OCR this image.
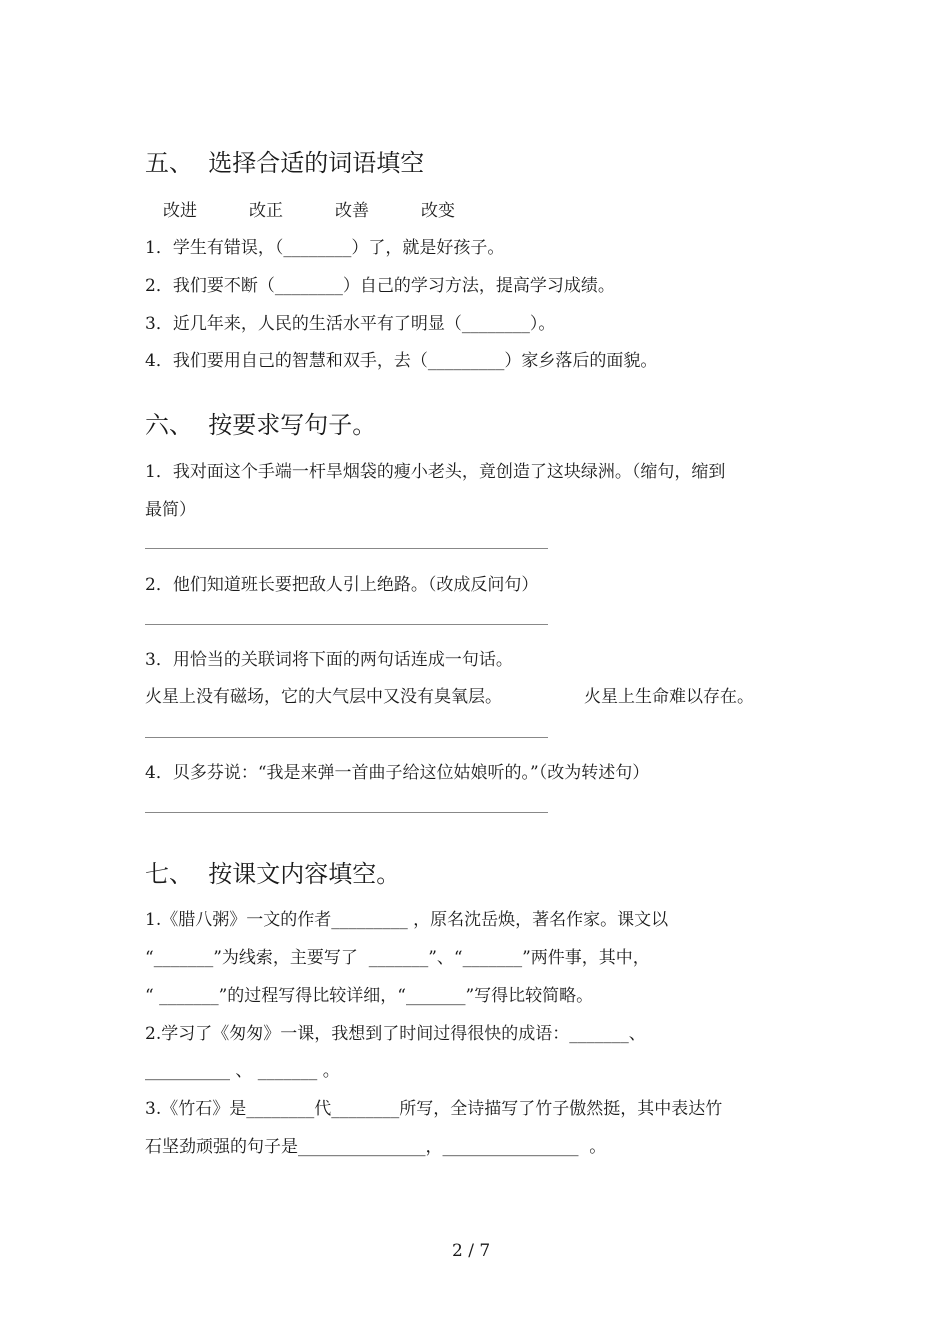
五、  选择合适的词语填空
改进	改正	改善	改变
1．学生有错误，（________）了，就是好孩子。
2．我们要不断（________）自己的学习方法，提高学习成绩。
3．近几年来，人民的生活水平有了明显（________）。
4．我们要用自己的智慧和双手，去（_________）家乡落后的面貌。
六、  按要求写句子。
1．我对面这个手端一杆旱烟袋的瘦小老头，竟创造了这块绿洲。（缩句，缩到
最简）
2．他们知道班长要把敌人引上绝路。（改成反问句）
3．用恰当的关联词将下面的两句话连成一句话。
火星上没有磁场，它的大气层中又没有臭氧层。	火星上生命难以存在。
4．贝多芬说：“我是来弹一首曲子给这位姑娘听的。”（改为转述句）
七、  按课文内容填空。
1.《腊八粥》一文的作者_________ ，原名沈岳焕，著名作家。课文以
“_______”为线索，主要写了  _______”、“_______”两件事，其中，
“ _______”的过程写得比较详细，“_______”写得比较简略。
2.学习了《匆匆》一课，我想到了时间过得很快的成语：_______、
__________ 、 _______ 。
3.《竹石》是________代________所写，全诗描写了竹子傲然挺，其中表达竹
石坚劲顽强的句子是_______________，________________  。
2 / 7
